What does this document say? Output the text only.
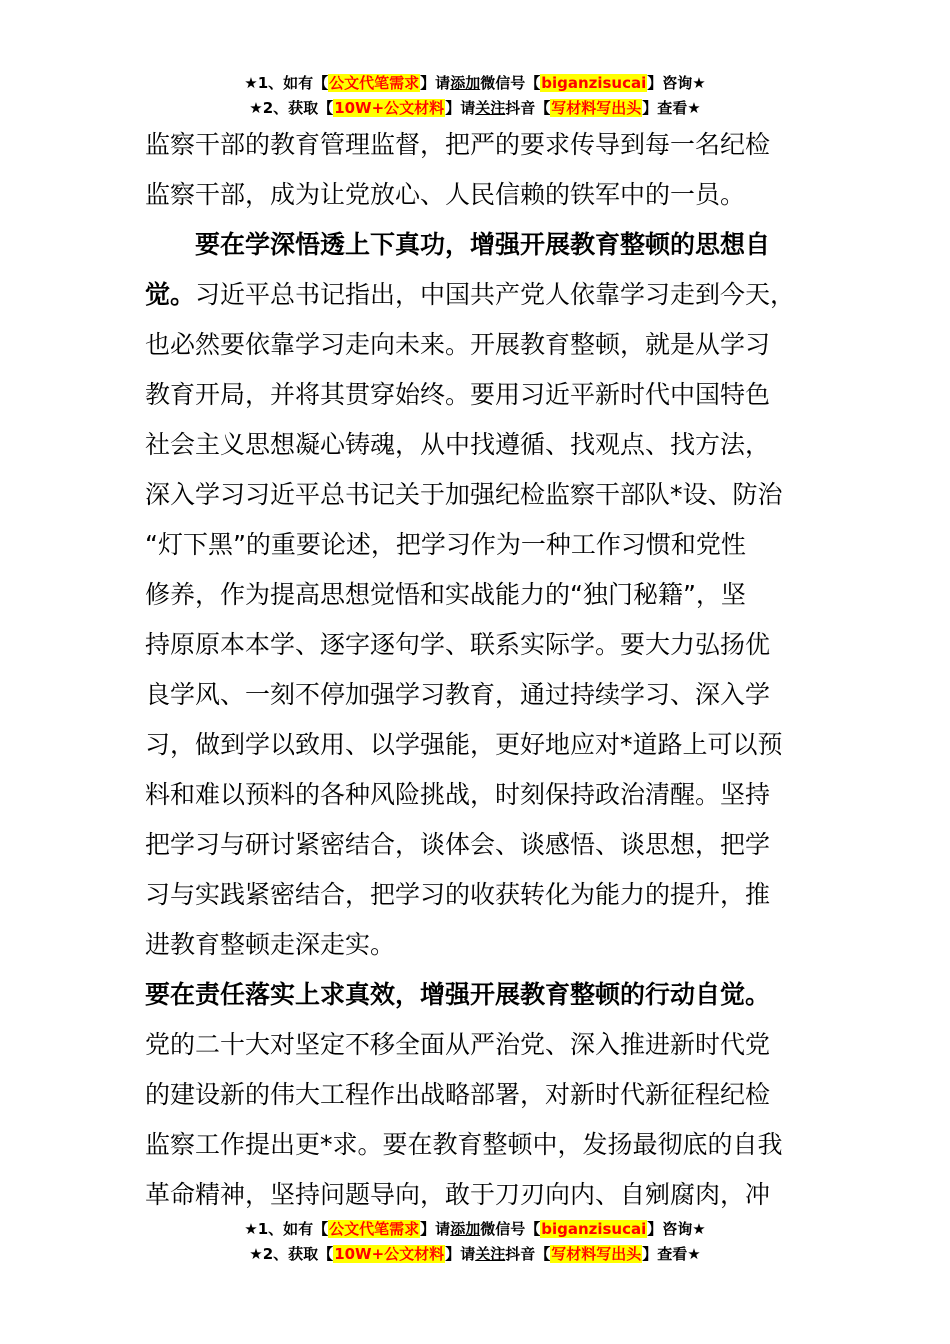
★1、如有【公文代笔需求】请添加微信号【biganzisucai】咨询★
★2、获取【10W+公文材料】请关注抖音【写材料写出头】查看★
监察干部的教育管理监督，把严的要求传导到每一名纪检
监察干部，成为让党放心、人民信赖的铁军中的一员。
要在学深悟透上下真功，增强开展教育整顿的思想自
觉。习近平总书记指出，中国共产党人依靠学习走到今天，
也必然要依靠学习走向未来。开展教育整顿，就是从学习
教育开局，并将其贯穿始终。要用习近平新时代中国特色
社会主义思想凝心铸魂，从中找遵循、找观点、找方法，
深入学习习近平总书记关于加强纪检监察干部队*设、防治
“灯下黑”的重要论述，把学习作为一种工作习惯和党性
修养，作为提高思想觉悟和实战能力的“独门秘籍”，坚
持原原本本学、逐字逐句学、联系实际学。要大力弘扬优
良学风、一刻不停加强学习教育，通过持续学习、深入学
习，做到学以致用、以学强能，更好地应对*道路上可以预
料和难以预料的各种风险挑战，时刻保持政治清醒。坚持
把学习与研讨紧密结合，谈体会、谈感悟、谈思想，把学
习与实践紧密结合，把学习的收获转化为能力的提升，推
进教育整顿走深走实。
要在责任落实上求真效，增强开展教育整顿的行动自觉。
党的二十大对坚定不移全面从严治党、深入推进新时代党
的建设新的伟大工程作出战略部署，对新时代新征程纪检
监察工作提出更*求。要在教育整顿中，发扬最彻底的自我
革命精神，坚持问题导向，敢于刀刃向内、自剜腐肉，冲
★1、如有【公文代笔需求】请添加微信号【biganzisucai】咨询★
★2、获取【10W+公文材料】请关注抖音【写材料写出头】查看★
